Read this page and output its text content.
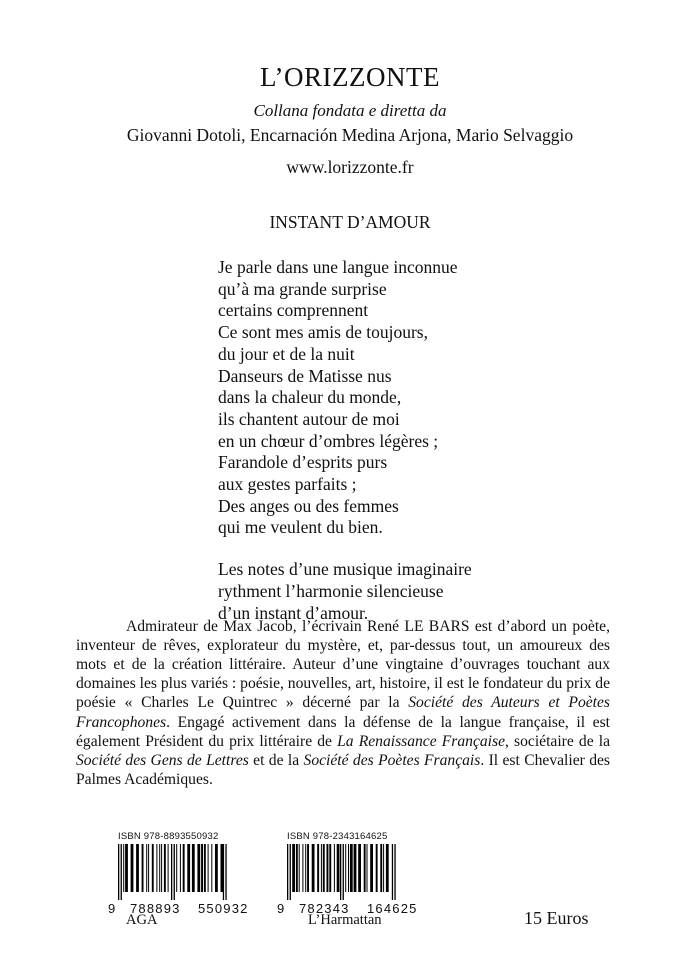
L’ORIZZONTE
Collana fondata e diretta da
Giovanni Dotoli, Encarnación Medina Arjona, Mario Selvaggio
www.lorizzonte.fr
INSTANT D’AMOUR
Je parle dans une langue inconnue
qu’à ma grande surprise
certains comprennent
Ce sont mes amis de toujours,
du jour et de la nuit
Danseurs de Matisse nus
dans la chaleur du monde,
ils chantent autour de moi
en un chœur d’ombres légères ;
Farandole d’esprits purs
aux gestes parfaits ;
Des anges ou des femmes
qui me veulent du bien.
Les notes d’une musique imaginaire
rythment l’harmonie silencieuse
d’un instant d’amour.

Admirateur de Max Jacob, l’écrivain René LE BARS est d’abord un poète, inventeur de rêves, explorateur du mystère, et, par-dessus tout, un amoureux des mots et de la création littéraire. Auteur d’une vingtaine d’ouvrages touchant aux domaines les plus variés : poésie, nouvelles, art, histoire, il est le fondateur du prix de poésie « Charles Le Quintrec » décerné par la Société des Auteurs et Poètes Francophones. Engagé activement dans la défense de la langue française, il est également Président du prix littéraire de La Renaissance Française, sociétaire de la Société des Gens de Lettres et de la Société des Poètes Français. Il est Chevalier des Palmes Académiques.

ISBN 978-8893550932
9 788893 550932
ISBN 978-2343164625
9 782343 164625
AGA	L’Harmattan	15 Euros
